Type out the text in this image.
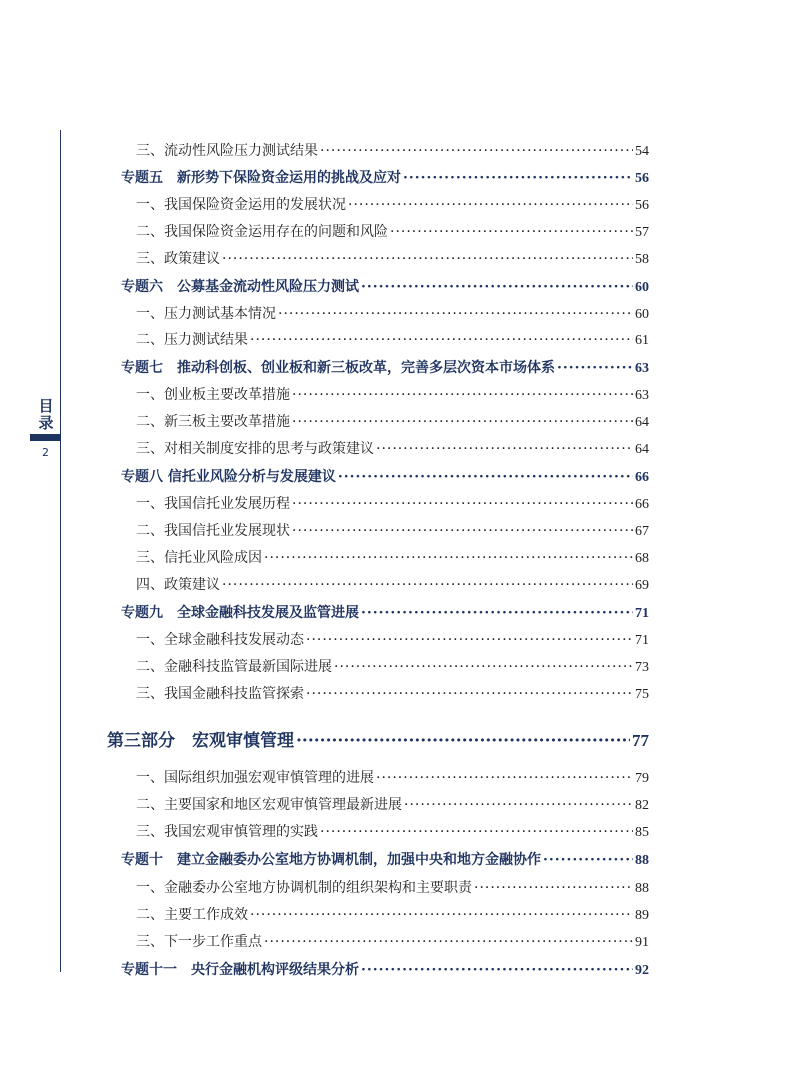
目
录
2
三、流动性风险压力测试结果 ·····	54
专题五　新形势下保险资金运用的挑战及应对 ·····	56
一、我国保险资金运用的发展状况 ·····	56
二、我国保险资金运用存在的问题和风险 ·····	57
三、政策建议 ·····	58
专题六　公募基金流动性风险压力测试 ·····	60
一、压力测试基本情况 ·····	60
二、压力测试结果 ·····	61
专题七　推动科创板、创业板和新三板改革，完善多层次资本市场体系 ·····	63
一、创业板主要改革措施 ·····	63
二、新三板主要改革措施 ·····	64
三、对相关制度安排的思考与政策建议 ·····	64
专题八 信托业风险分析与发展建议 ·····	66
一、我国信托业发展历程 ·····	66
二、我国信托业发展现状 ·····	67
三、信托业风险成因 ·····	68
四、政策建议 ·····	69
专题九　全球金融科技发展及监管进展 ·····	71
一、全球金融科技发展动态 ·····	71
二、金融科技监管最新国际进展 ·····	73
三、我国金融科技监管探索 ·····	75
第三部分　宏观审慎管理 ·····	77
一、国际组织加强宏观审慎管理的进展 ·····	79
二、主要国家和地区宏观审慎管理最新进展 ·····	82
三、我国宏观审慎管理的实践 ·····	85
专题十　建立金融委办公室地方协调机制，加强中央和地方金融协作 ·····	88
一、金融委办公室地方协调机制的组织架构和主要职责 ·····	88
二、主要工作成效 ·····	89
三、下一步工作重点 ·····	91
专题十一　央行金融机构评级结果分析 ·····	92
